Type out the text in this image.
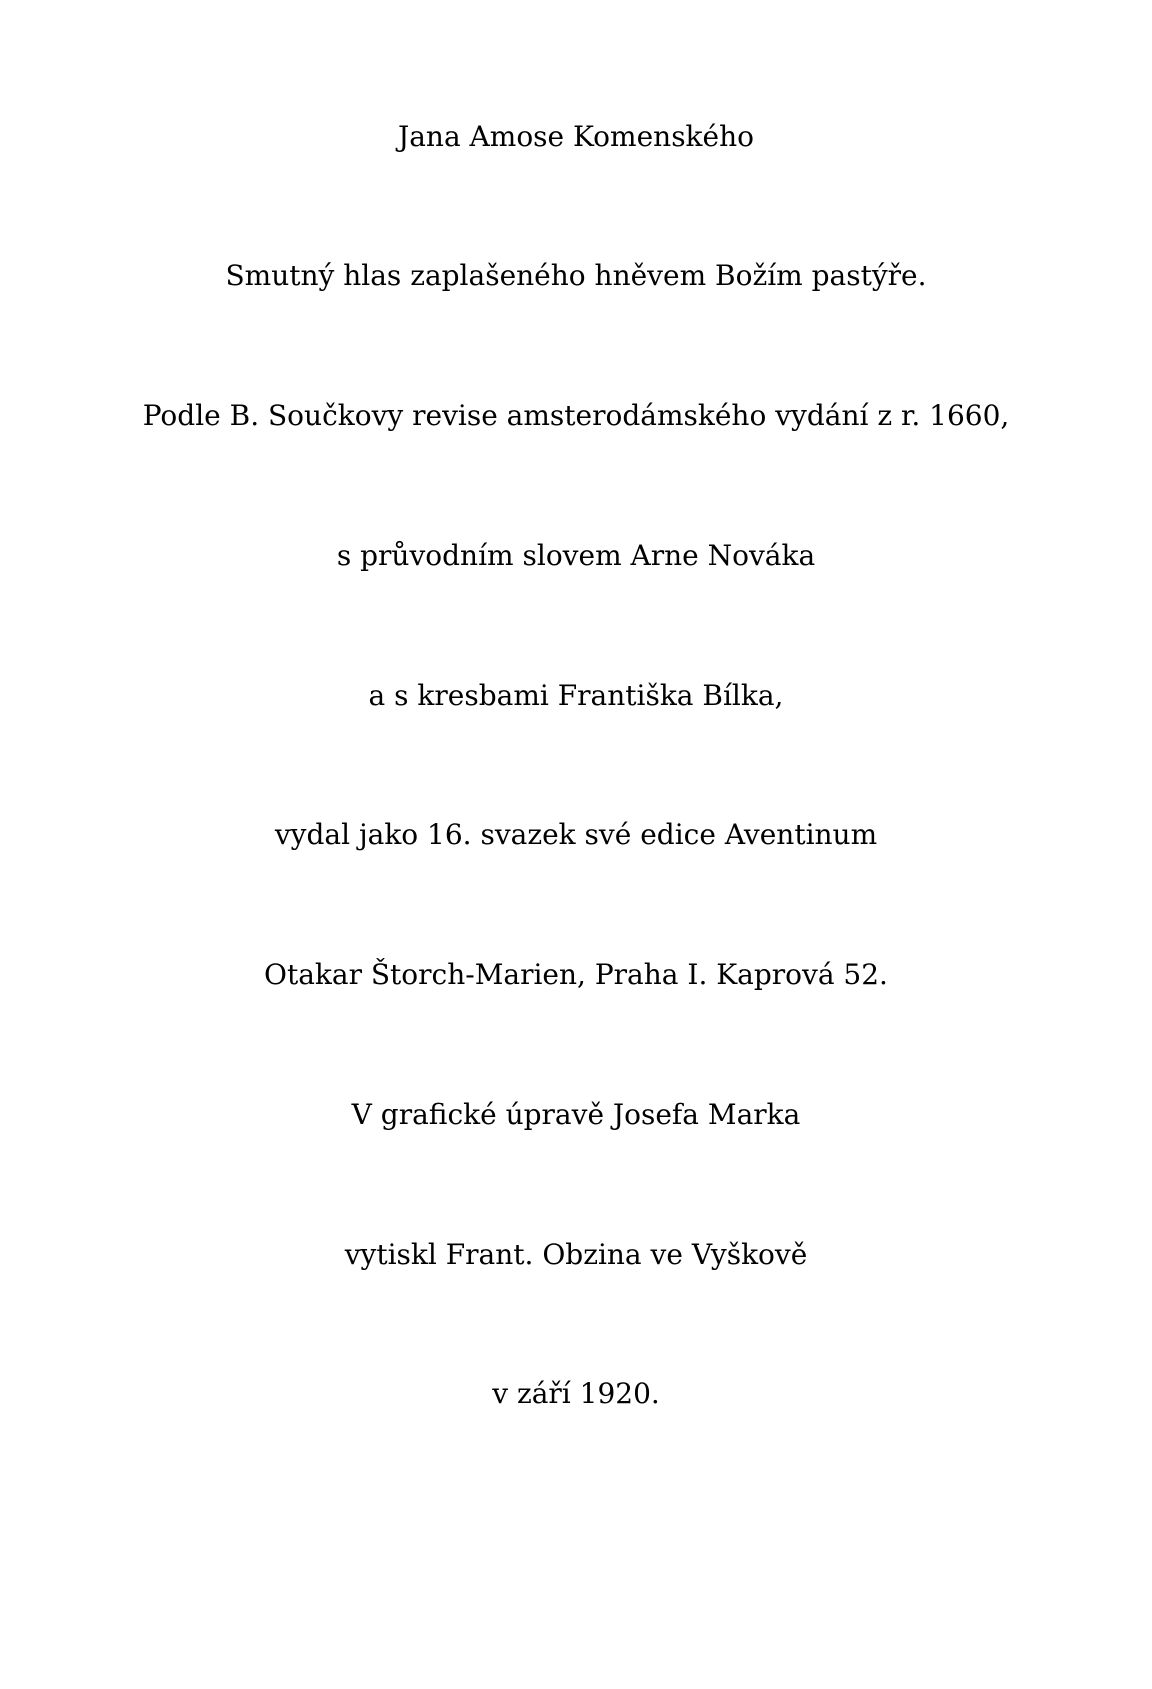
Jana Amose Komenského
Smutný hlas zaplašeného hněvem Božím pastýře.
Podle B. Součkovy revise amsterodámského vydání z r. 1660,
s průvodním slovem Arne Nováka
a s kresbami Františka Bílka,
vydal jako 16. svazek své edice Aventinum
Otakar Štorch-Marien, Praha I. Kaprová 52.
V grafické úpravě Josefa Marka
vytiskl Frant. Obzina ve Vyškově
v září 1920.
